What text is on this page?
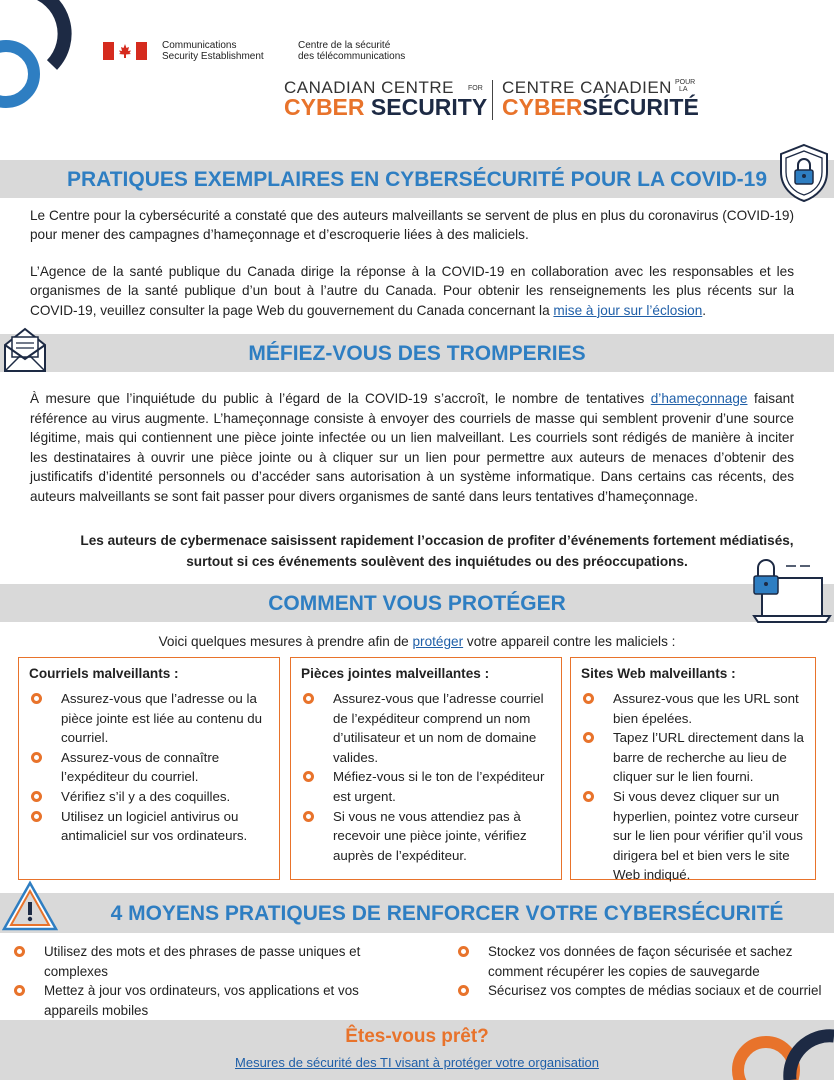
Communications
Security Establishment
Centre de la sécurité
des télécommunications
CANADIAN CENTRE FOR
CYBER SECURITY
CENTRE CANADIEN POUR
LA
CYBERSÉCURITÉ
PRATIQUES EXEMPLAIRES EN CYBERSÉCURITÉ POUR LA COVID-19

Le Centre pour la cybersécurité a constaté que des auteurs malveillants se servent de plus en plus du coronavirus (COVID-19) pour mener des campagnes d’hameçonnage et d’escroquerie liées à des maliciels.

L’Agence de la santé publique du Canada dirige la réponse à la COVID-19 en collaboration avec les responsables et les organismes de la santé publique d’un bout à l’autre du Canada. Pour obtenir les renseignements les plus récents sur la COVID-19, veuillez consulter la page Web du gouvernement du Canada concernant la mise à jour sur l’éclosion.

MÉFIEZ-VOUS DES TROMPERIES

À mesure que l’inquiétude du public à l’égard de la COVID-19 s’accroît, le nombre de tentatives d’hameçonnage faisant référence au virus augmente. L’hameçonnage consiste à envoyer des courriels de masse qui semblent provenir d’une source légitime, mais qui contiennent une pièce jointe infectée ou un lien malveillant. Les courriels sont rédigés de manière à inciter les destinataires à ouvrir une pièce jointe ou à cliquer sur un lien pour permettre aux auteurs de menaces d’obtenir des justificatifs d’identité personnels ou d’accéder sans autorisation à un système informatique. Dans certains cas récents, des auteurs malveillants se sont fait passer pour divers organismes de santé dans leurs tentatives d’hameçonnage.

Les auteurs de cybermenace saisissent rapidement l’occasion de profiter d’événements fortement médiatisés, surtout si ces événements soulèvent des inquiétudes ou des préoccupations.

COMMENT VOUS PROTÉGER

Voici quelques mesures à prendre afin de protéger votre appareil contre les maliciels :

Courriels malveillants :
Assurez-vous que l’adresse ou la pièce jointe est liée au contenu du courriel.
Assurez-vous de connaître l’expéditeur du courriel.
Vérifiez s’il y a des coquilles.
Utilisez un logiciel antivirus ou antimaliciel sur vos ordinateurs.
Pièces jointes malveillantes :
Assurez-vous que l’adresse courriel de l’expéditeur comprend un nom d’utilisateur et un nom de domaine valides.
Méfiez-vous si le ton de l’expéditeur est urgent.
Si vous ne vous attendiez pas à recevoir une pièce jointe, vérifiez auprès de l’expéditeur.
Sites Web malveillants :
Assurez-vous que les URL sont bien épelées.
Tapez l’URL directement dans la barre de recherche au lieu de cliquer sur le lien fourni.
Si vous devez cliquer sur un hyperlien, pointez votre curseur sur le lien pour vérifier qu’il vous dirigera bel et bien vers le site Web indiqué.
4 MOYENS PRATIQUES DE RENFORCER VOTRE CYBERSÉCURITÉ
Utilisez des mots et des phrases de passe uniques et complexes
Mettez à jour vos ordinateurs, vos applications et vos appareils mobiles
Stockez vos données de façon sécurisée et sachez comment récupérer les copies de sauvegarde
Sécurisez vos comptes de médias sociaux et de courriel
Êtes-vous prêt?
Mesures de sécurité des TI visant à protéger votre organisation
